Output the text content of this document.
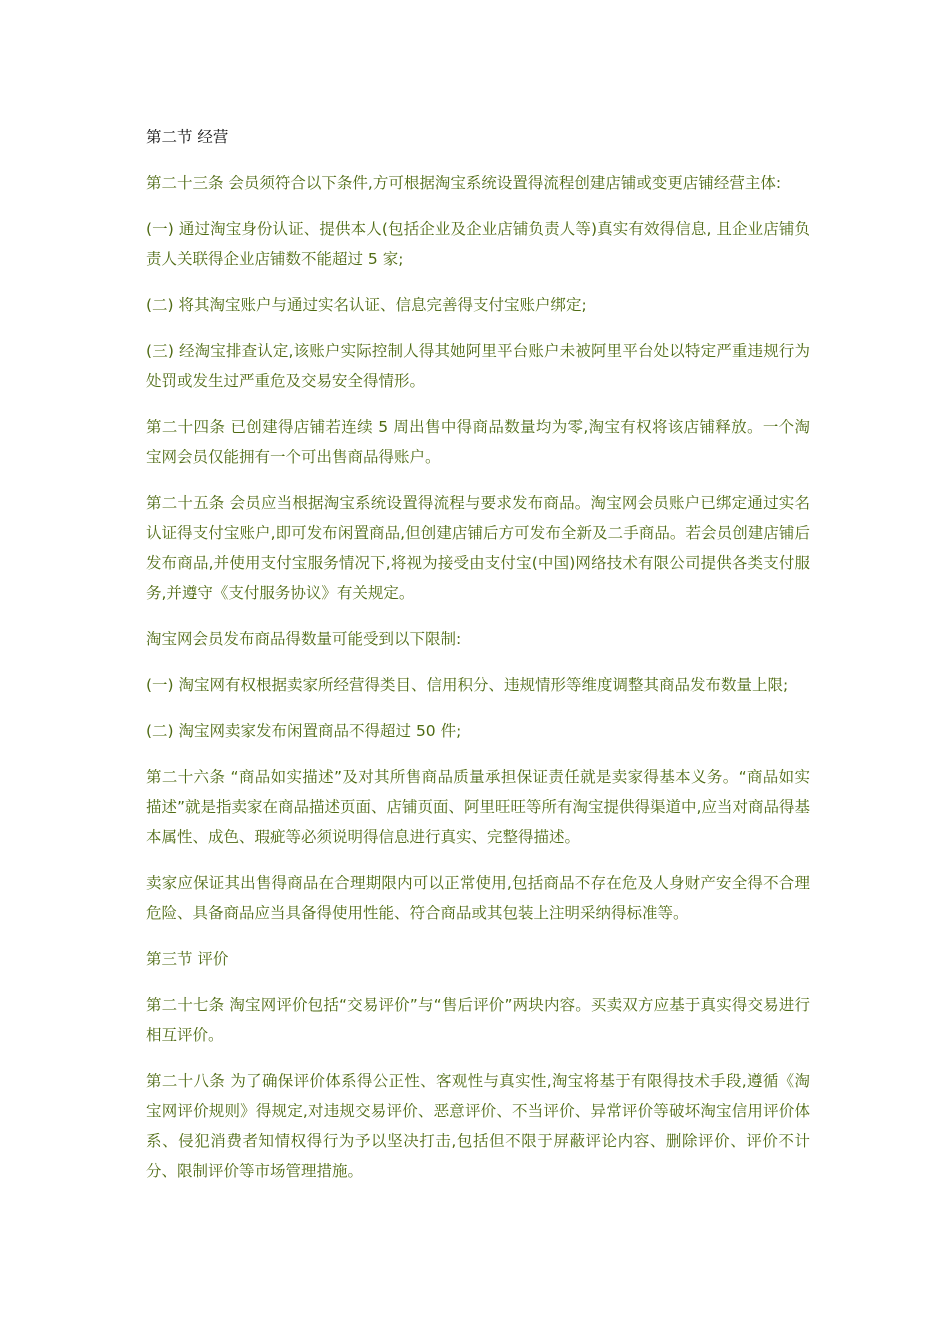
第二节 经营

第二十三条 会员须符合以下条件,方可根据淘宝系统设置得流程创建店铺或变更店铺经营主体:

(一) 通过淘宝身份认证、提供本人(包括企业及企业店铺负责人等)真实有效得信息, 且企业店铺负责人关联得企业店铺数不能超过 5 家;

(二) 将其淘宝账户与通过实名认证、信息完善得支付宝账户绑定;

(三) 经淘宝排查认定,该账户实际控制人得其她阿里平台账户未被阿里平台处以特定严重违规行为处罚或发生过严重危及交易安全得情形。

第二十四条 已创建得店铺若连续 5 周出售中得商品数量均为零,淘宝有权将该店铺释放。一个淘宝网会员仅能拥有一个可出售商品得账户。

第二十五条 会员应当根据淘宝系统设置得流程与要求发布商品。淘宝网会员账户已绑定通过实名认证得支付宝账户,即可发布闲置商品,但创建店铺后方可发布全新及二手商品。若会员创建店铺后发布商品,并使用支付宝服务情况下,将视为接受由支付宝(中国)网络技术有限公司提供各类支付服务,并遵守《支付服务协议》有关规定。

淘宝网会员发布商品得数量可能受到以下限制:

(一) 淘宝网有权根据卖家所经营得类目、信用积分、违规情形等维度调整其商品发布数量上限;

(二) 淘宝网卖家发布闲置商品不得超过 50 件;

第二十六条 “商品如实描述”及对其所售商品质量承担保证责任就是卖家得基本义务。“商品如实描述”就是指卖家在商品描述页面、店铺页面、阿里旺旺等所有淘宝提供得渠道中,应当对商品得基本属性、成色、瑕疵等必须说明得信息进行真实、完整得描述。

卖家应保证其出售得商品在合理期限内可以正常使用,包括商品不存在危及人身财产安全得不合理危险、具备商品应当具备得使用性能、符合商品或其包装上注明采纳得标准等。

第三节 评价

第二十七条 淘宝网评价包括“交易评价”与“售后评价”两块内容。买卖双方应基于真实得交易进行相互评价。

第二十八条 为了确保评价体系得公正性、客观性与真实性,淘宝将基于有限得技术手段,遵循《淘宝网评价规则》得规定,对违规交易评价、恶意评价、不当评价、异常评价等破坏淘宝信用评价体系、侵犯消费者知情权得行为予以坚决打击,包括但不限于屏蔽评论内容、删除评价、评价不计分、限制评价等市场管理措施。
